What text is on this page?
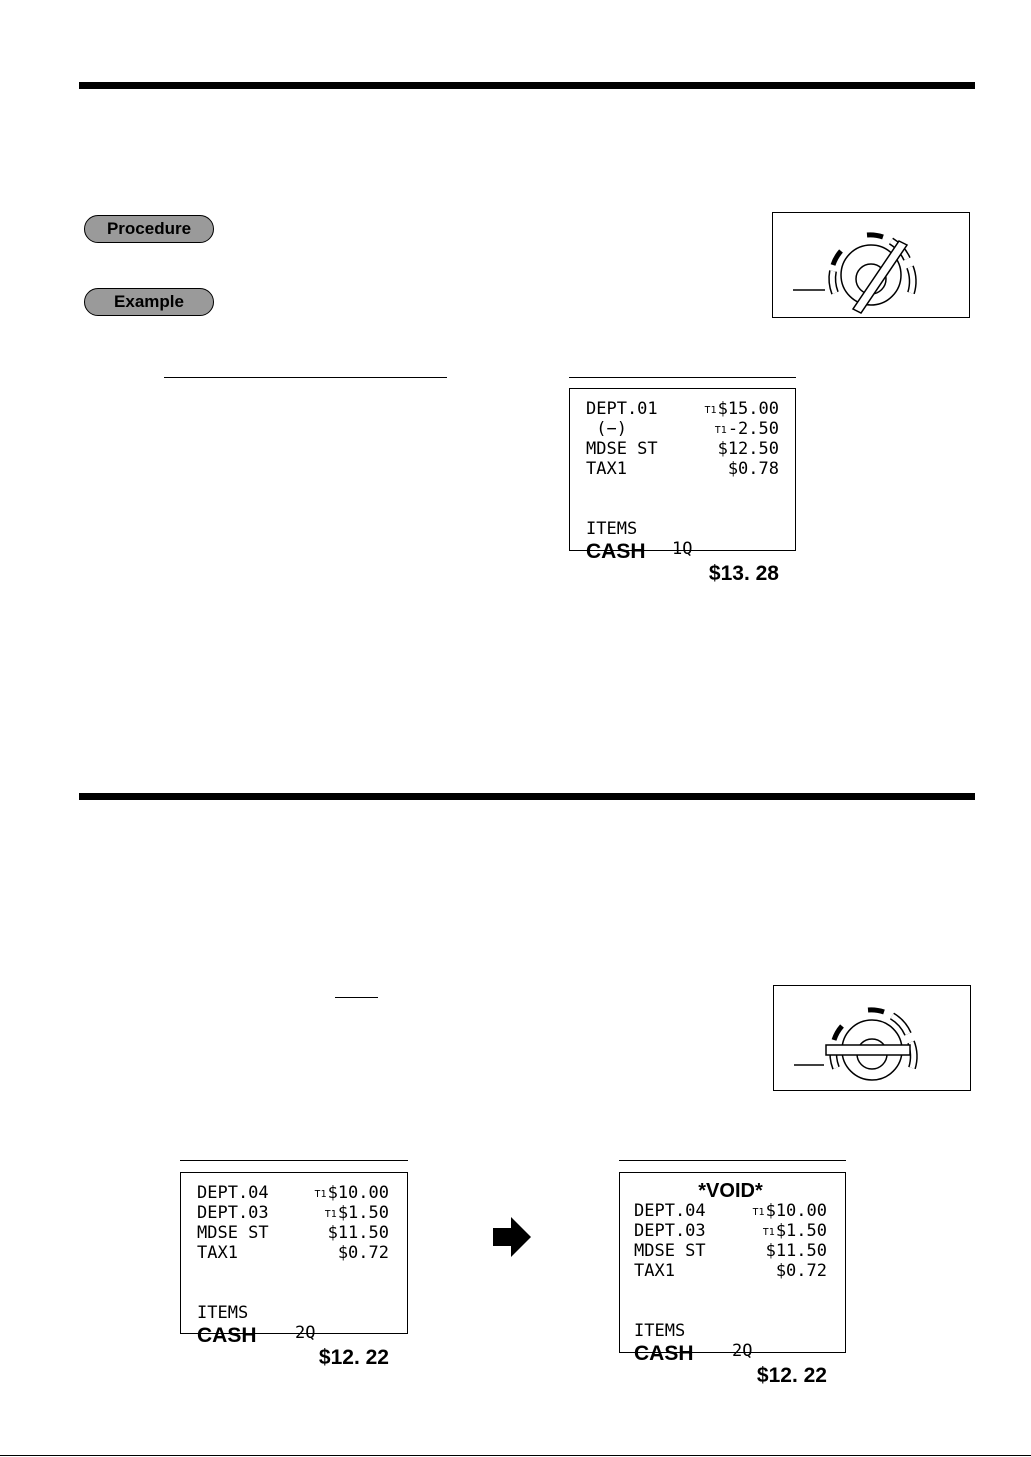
Procedure
Example
DEPT.01	T1$15.00
(−)	T1-2.50
MDSE ST	$12.50
TAX1	$0.78

ITEMS

1Q

CASH

$13. 28

DEPT.04	T1$10.00
DEPT.03	T1$1.50
MDSE ST	$11.50
TAX1	$0.72

ITEMS

2Q

CASH

$12. 22

*VOID*
DEPT.04	T1$10.00
DEPT.03	T1$1.50
MDSE ST	$11.50
TAX1	$0.72

ITEMS

2Q

CASH

$12. 22
